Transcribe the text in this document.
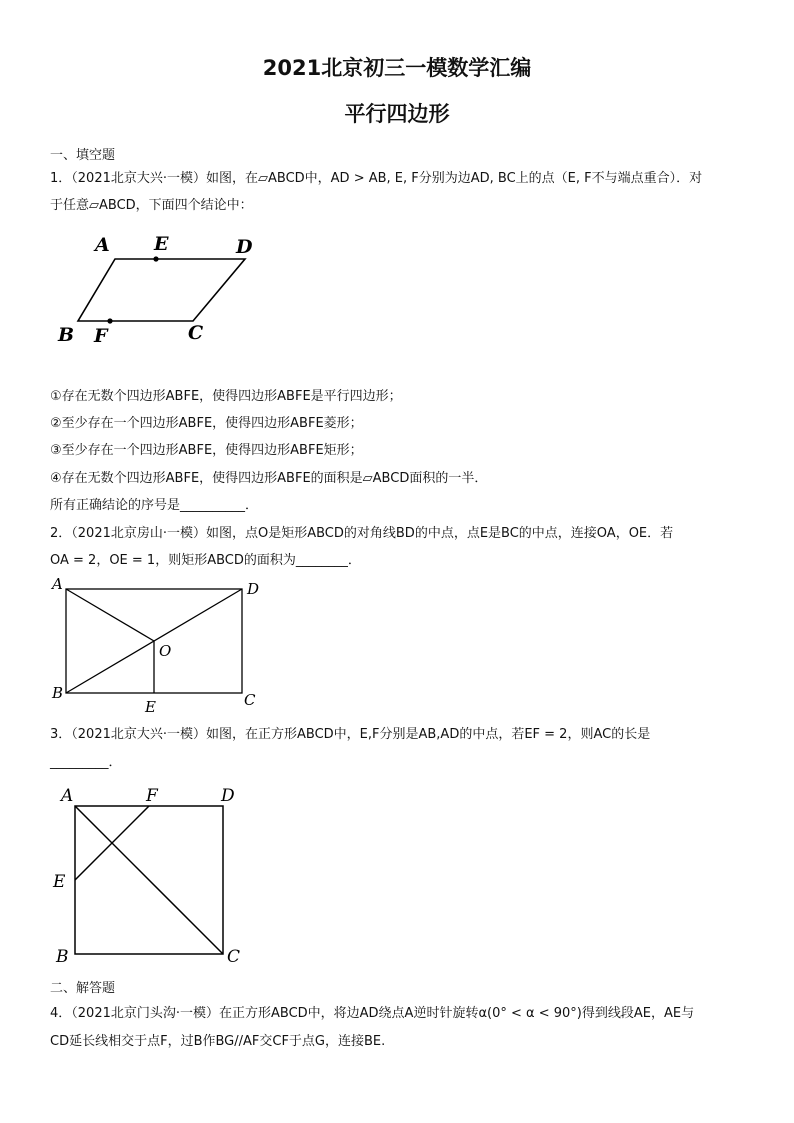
2021北京初三一模数学汇编
平行四边形
一、填空题
1．（2021北京大兴·一模）如图，在▱ABCD中，AD > AB, E, F分别为边AD, BC上的点（E, F不与端点重合）．对
于任意▱ABCD，下面四个结论中：
A E	D
B F	C
①存在无数个四边形ABFE，使得四边形ABFE是平行四边形；
②至少存在一个四边形ABFE，使得四边形ABFE菱形；
③至少存在一个四边形ABFE，使得四边形ABFE矩形；
④存在无数个四边形ABFE，使得四边形ABFE的面积是▱ABCD面积的一半．
所有正确结论的序号是__________．
2．（2021北京房山·一模）如图，点O是矩形ABCD的对角线BD的中点，点E是BC的中点，连接OA，OE．若
OA = 2，OE = 1，则矩形ABCD的面积为________．
A	D
O
B
E	C
3．（2021北京大兴·一模）如图，在正方形ABCD中，E,F分别是AB,AD的中点，若EF = 2，则AC的长是
_________．
A	F	D
E
B	C
二、解答题
4．（2021北京门头沟·一模）在正方形ABCD中，将边AD绕点A逆时针旋转α(0° < α < 90°)得到线段AE，AE与
CD延长线相交于点F，过B作BG//AF交CF于点G，连接BE.
